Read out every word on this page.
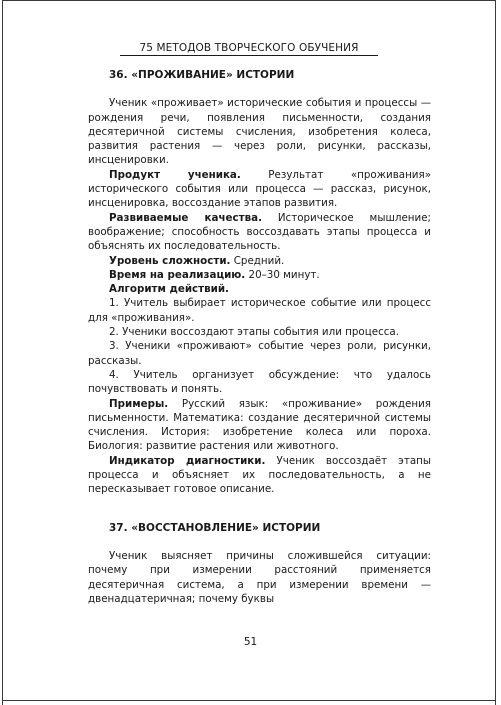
75 МЕТОДОВ ТВОРЧЕСКОГО ОБУЧЕНИЯ
36. «ПРОЖИВАНИЕ» ИСТОРИИ

Ученик «проживает» исторические события и процессы — рождения речи, появления письменности, создания десятеричной системы счисления, изобретения колеса, развития растения — через роли, рисунки, рассказы, инсценировки.

Продукт ученика.	Результат «проживания» исторического события или процесса — рассказ, рисунок, инсценировка, воссоздание этапов развития.

Развиваемые качества. Историческое мышление; воображение; способность воссоздавать этапы процесса и объяснять их последовательность.

Уровень сложности. Средний.

Время на реализацию. 20–30 минут.

Алгоритм действий.

1. Учитель выбирает историческое событие или процесс для «проживания».

2. Ученики воссоздают этапы события или процесса.

3. Ученики «проживают» событие через роли, рисунки, рассказы.

4. Учитель организует обсуждение: что удалось почувствовать и понять.

Примеры. Русский язык: «проживание» рождения письменности. Математика: создание десятеричной системы счисления. История: изобретение колеса или пороха. Биология: развитие растения или животного.

Индикатор диагностики. Ученик воссоздаёт этапы процесса и объясняет их последовательность, а не пересказывает готовое описание.

37. «ВОССТАНОВЛЕНИЕ» ИСТОРИИ

Ученик выясняет причины сложившейся ситуации: почему при измерении расстояний применяется десятеричная система, а при измерении времени — двенадцатеричная; почему буквы

51
